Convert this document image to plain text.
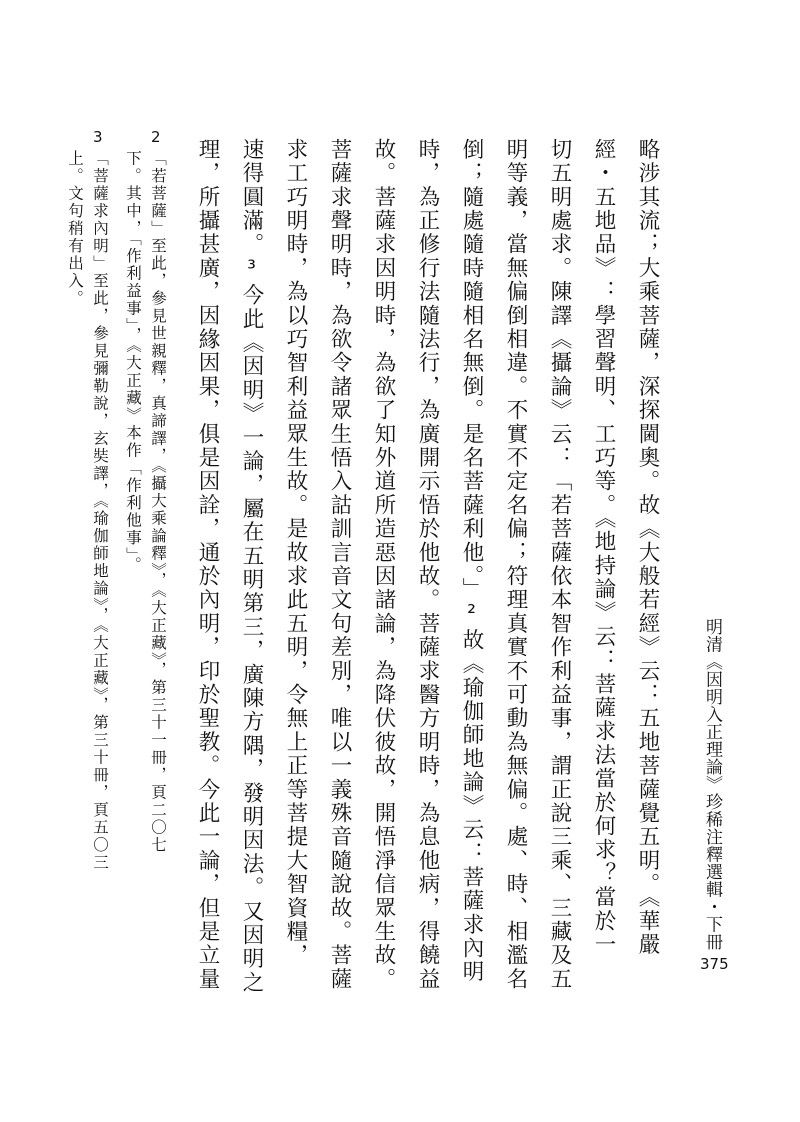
明清《因明入正理論》珍稀注釋選輯・下冊
375
略涉其流；大乘菩薩，深探閫奧。故《大般若經》云：五地菩薩覺五明。《華嚴
經・五地品》：學習聲明、工巧等。《地持論》云：菩薩求法當於何求？當於一
切五明處求。陳譯《攝論》云：「若菩薩依本智作利益事，謂正說三乘、三藏及五
明等義，當無偏倒相違。不實不定名偏；符理真實不可動為無偏。處、時、相濫名
倒；隨處隨時隨相名無倒。是名菩薩利他。」²故《瑜伽師地論》云：菩薩求內明
時，為正修行法隨法行，為廣開示悟於他故。菩薩求醫方明時，為息他病，得饒益
故。菩薩求因明時，為欲了知外道所造惡因諸論，為降伏彼故，開悟淨信眾生故。
菩薩求聲明時，為欲令諸眾生悟入詁訓言音文句差別，唯以一義殊音隨說故。菩薩
求工巧明時，為以巧智利益眾生故。是故求此五明，令無上正等菩提大智資糧，
速得圓滿。³今此《因明》一論，屬在五明第三，廣陳方隅，發明因法。又因明之
理，所攝甚廣，因緣因果，俱是因詮，通於內明，印於聖教。今此一論，但是立量
2
「若菩薩」至此，參見世親釋，真諦譯，《攝大乘論釋》，《大正藏》，第三十一冊，頁二〇七
下。其中，「作利益事」，《大正藏》本作「作利他事」。
3
「菩薩求內明」至此，參見彌勒說，玄奘譯，《瑜伽師地論》，《大正藏》，第三十冊，頁五〇三
上。文句稍有出入。
